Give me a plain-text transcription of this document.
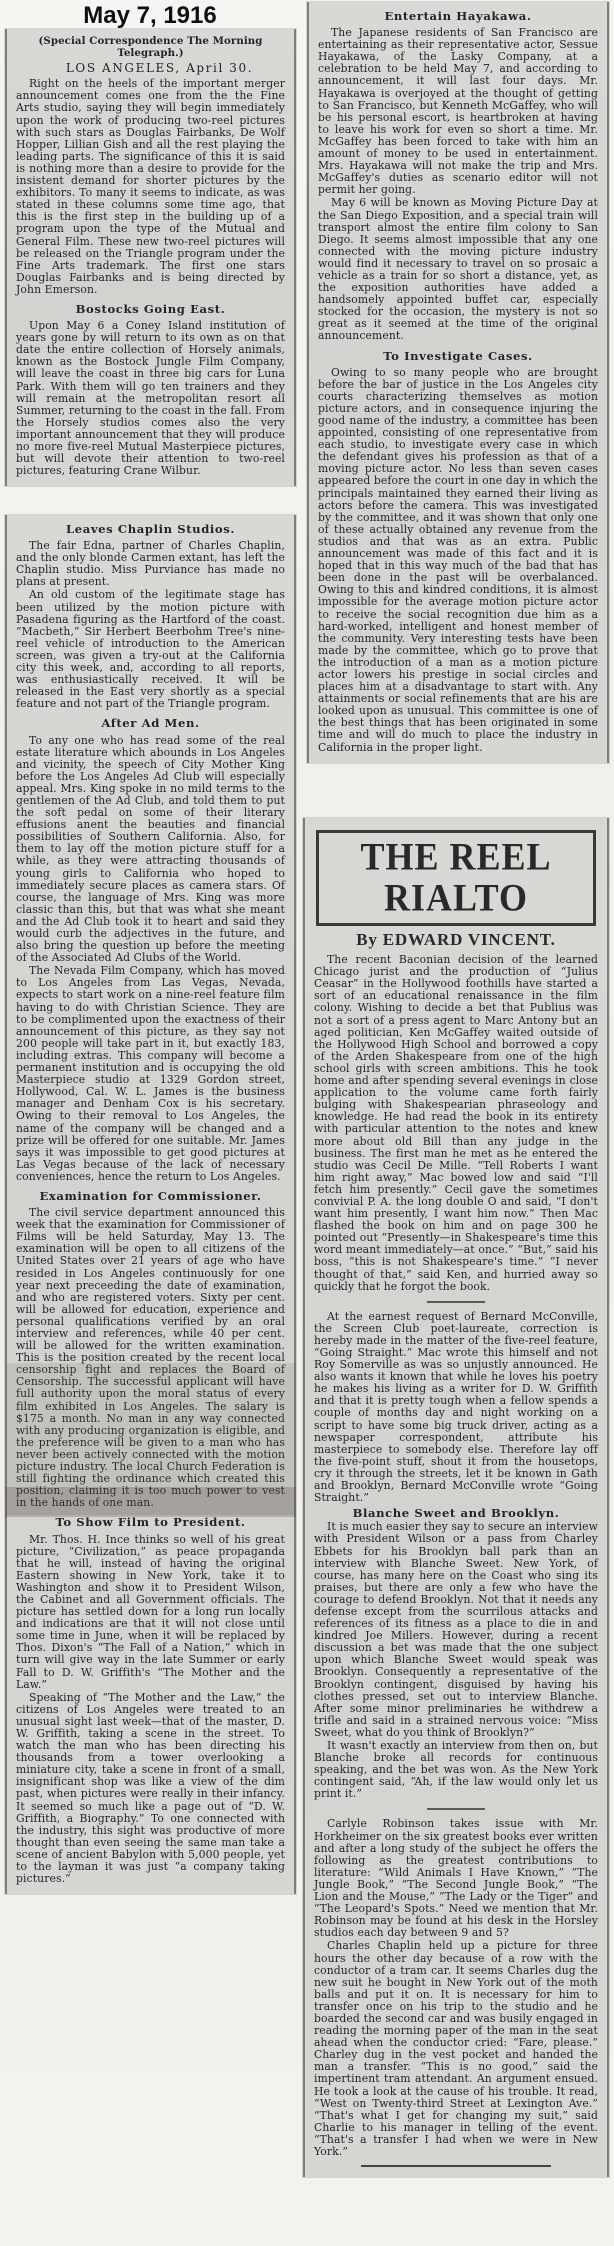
May 7, 1916

(Special Correspondence The Morning Telegraph.)

LOS ANGELES, April 30.

Right on the heels of the important merger announcement comes one from the the Fine Arts studio, saying they will begin immediately upon the work of producing two-reel pictures with such stars as Douglas Fairbanks, De Wolf Hopper, Lillian Gish and all the rest playing the leading parts. The significance of this it is said is nothing more than a desire to provide for the insistent demand for shorter pictures by the exhibitors. To many it seems to indicate, as was stated in these columns some time ago, that this is the first step in the building up of a program upon the type of the Mutual and General Film. These new two-reel pictures will be released on the Triangle program under the Fine Arts trademark. The first one stars Douglas Fairbanks and is being directed by John Emerson.

Bostocks Going East.

Upon May 6 a Coney Island institution of years gone by will return to its own as on that date the entire collection of Horsely animals, known as the Bostock Jungle Film Company, will leave the coast in three big cars for Luna Park. With them will go ten trainers and they will remain at the metropolitan resort all Summer, returning to the coast in the fall. From the Horsely studios comes also the very important announcement that they will produce no more five-reel Mutual Masterpiece pictures, but will devote their attention to two-reel pictures, featuring Crane Wilbur.

Leaves Chaplin Studios.

The fair Edna, partner of Charles Chaplin, and the only blonde Carmen extant, has left the Chaplin studio. Miss Purviance has made no plans at present.

An old custom of the legitimate stage has been utilized by the motion picture with Pasadena figuring as the Hartford of the coast. “Macbeth,” Sir Herbert Beerbohm Tree's nine-reel vehicle of introduction to the American screen, was given a try-out at the California city this week, and, according to all reports, was enthusiastically received. It will be released in the East very shortly as a special feature and not part of the Triangle program.

After Ad Men.

To any one who has read some of the real estate literature which abounds in Los Angeles and vicinity, the speech of City Mother King before the Los Angeles Ad Club will especially appeal. Mrs. King spoke in no mild terms to the gentlemen of the Ad Club, and told them to put the soft pedal on some of their literary effusions anent the beauties and financial possibilities of Southern California. Also, for them to lay off the motion picture stuff for a while, as they were attracting thousands of young girls to California who hoped to immediately secure places as camera stars. Of course, the language of Mrs. King was more classic than this, but that was what she meant and the Ad Club took it to heart and said they would curb the adjectives in the future, and also bring the question up before the meeting of the Associated Ad Clubs of the World.

The Nevada Film Company, which has moved to Los Angeles from Las Vegas, Nevada, expects to start work on a nine-reel feature film having to do with Christian Science. They are to be complimented upon the exactness of their announcement of this picture, as they say not 200 people will take part in it, but exactly 183, including extras. This company will become a permanent institution and is occupying the old Masterpiece studio at 1329 Gordon street, Hollywood, Cal. W. L. James is the business manager and Denham Cox is his secretary. Owing to their removal to Los Angeles, the name of the company will be changed and a prize will be offered for one suitable. Mr. James says it was impossible to get good pictures at Las Vegas because of the lack of necessary conveniences, hence the return to Los Angeles.

Examination for Commissioner.

The civil service department announced this week that the examination for Commissioner of Films will be held Saturday, May 13. The examination will be open to all citizens of the United States over 21 years of age who have resided in Los Angeles continuously for one year next preceeding the date of examination, and who are registered voters. Sixty per cent. will be allowed for education, experience and personal qualifications verified by an oral interview and references, while 40 per cent. will be allowed for the written examination. This is the position created by the recent local censorship fight and replaces the Board of Censorship. The successful applicant will have full authority upon the moral status of every film exhibited in Los Angeles. The salary is $175 a month. No man in any way connected with any producing organization is eligible, and the preference will be given to a man who has never been actively connected with the motion picture industry. The local Church Federation is still fighting the ordinance which created this position, claiming it is too much power to vest in the hands of one man.

To Show Film to President.

Mr. Thos. H. Ince thinks so well of his great picture, “Civilization,” as peace propaganda that he will, instead of having the original Eastern showing in New York, take it to Washington and show it to President Wilson, the Cabinet and all Government officials. The picture has settled down for a long run locally and indications are that it will not close until some time in June, when it will be replaced by Thos. Dixon's “The Fall of a Nation,” which in turn will give way in the late Summer or early Fall to D. W. Griffith's “The Mother and the Law.”

Speaking of “The Mother and the Law,” the citizens of Los Angeles were treated to an unusual sight last week—that of the master, D. W. Griffith, taking a scene in the street. To watch the man who has been directing his thousands from a tower overlooking a miniature city, take a scene in front of a small, insignificant shop was like a view of the dim past, when pictures were really in their infancy. It seemed so much like a page out of “D. W. Griffith, a Biography.” To one connected with the industry, this sight was productive of more thought than even seeing the same man take a scene of ancient Babylon with 5,000 people, yet to the layman it was just “a company taking pictures.”

Entertain Hayakawa.

The Japanese residents of San Francisco are entertaining as their representative actor, Sessue Hayakawa, of the Lasky Company, at a celebration to be held May 7, and according to announcement, it will last four days. Mr. Hayakawa is overjoyed at the thought of getting to San Francisco, but Kenneth McGaffey, who will be his personal escort, is heartbroken at having to leave his work for even so short a time. Mr. McGaffey has been forced to take with him an amount of money to be used in entertainment. Mrs. Hayakawa will not make the trip and Mrs. McGaffey's duties as scenario editor will not permit her going.

May 6 will be known as Moving Picture Day at the San Diego Exposition, and a special train will transport almost the entire film colony to San Diego. It seems almost impossible that any one connected with the moving picture industry would find it necessary to travel on so prosaic a vehicle as a train for so short a distance, yet, as the exposition authorities have added a handsomely appointed buffet car, especially stocked for the occasion, the mystery is not so great as it seemed at the time of the original announcement.

To Investigate Cases.

Owing to so many people who are brought before the bar of justice in the Los Angeles city courts characterizing themselves as motion picture actors, and in consequence injuring the good name of the industry, a committee has been appointed, consisting of one representative from each studio, to investigate every case in which the defendant gives his profession as that of a moving picture actor. No less than seven cases appeared before the court in one day in which the principals maintained they earned their living as actors before the camera. This was investigated by the committee, and it was shown that only one of these actually obtained any revenue from the studios and that was as an extra. Public announcement was made of this fact and it is hoped that in this way much of the bad that has been done in the past will be overbalanced. Owing to this and kindred conditions, it is almost impossible for the average motion picture actor to receive the social recognition due him as a hard-worked, intelligent and honest member of the community. Very interesting tests have been made by the committee, which go to prove that the introduction of a man as a motion picture actor lowers his prestige in social circles and places him at a disadvantage to start with. Any attainments or social refinements that are his are looked upon as unusual. This committee is one of the best things that has been originated in some time and will do much to place the industry in California in the proper light.

THE REEL RIALTO
By EDWARD VINCENT.

The recent Baconian decision of the learned Chicago jurist and the production of “Julius Ceasar” in the Hollywood foothills have started a sort of an educational renaissance in the film colony. Wishing to decide a bet that Publius was not a sort of a press agent to Marc Antony but an aged politician, Ken McGaffey waited outside of the Hollywood High School and borrowed a copy of the Arden Shakespeare from one of the high school girls with screen ambitions. This he took home and after spending several evenings in close application to the volume came forth fairly bulging with Shakespearian phraseology and knowledge. He had read the book in its entirety with particular attention to the notes and knew more about old Bill than any judge in the business. The first man he met as he entered the studio was Cecil De Mille. “Tell Roberts I want him right away,” Mac bowed low and said “I'll fetch him presently.” Cecil gave the sometimes convivial P. A. the long double O and said, “I don't want him presently, I want him now.” Then Mac flashed the book on him and on page 300 he pointed out “Presently—in Shakespeare's time this word meant immediately—at once.” “But,” said his boss, “this is not Shakespeare's time.” “I never thought of that,” said Ken, and hurried away so quickly that he forgot the book.

At the earnest request of Bernard McConville, the Screen Club poet-laureate, correction is hereby made in the matter of the five-reel feature, “Going Straight.” Mac wrote this himself and not Roy Somerville as was so unjustly announced. He also wants it known that while he loves his poetry he makes his living as a writer for D. W. Griffith and that it is pretty tough when a fellow spends a couple of months day and night working on a script to have some big truck driver, acting as a newspaper correspondent, attribute his masterpiece to somebody else. Therefore lay off the five-point stuff, shout it from the housetops, cry it through the streets, let it be known in Gath and Brooklyn, Bernard McConville wrote “Going Straight.”

Blanche Sweet and Brooklyn.

It is much easier they say to secure an interview with President Wilson or a pass from Charley Ebbets for his Brooklyn ball park than an interview with Blanche Sweet. New York, of course, has many here on the Coast who sing its praises, but there are only a few who have the courage to defend Brooklyn. Not that it needs any defense except from the scurrilous attacks and references of its fitness as a place to die in and kindred Joe Millers. However, during a recent discussion a bet was made that the one subject upon which Blanche Sweet would speak was Brooklyn. Consequently a representative of the Brooklyn contingent, disguised by having his clothes pressed, set out to interview Blanche. After some minor preliminaries he withdrew a trifle and said in a strained nervous voice: “Miss Sweet, what do you think of Brooklyn?”

It wasn't exactly an interview from then on, but Blanche broke all records for continuous speaking, and the bet was won. As the New York contingent said, “Ah, if the law would only let us print it.”

Carlyle Robinson takes issue with Mr. Horkheimer on the six greatest books ever written and after a long study of the subject he offers the following as the greatest contributions to literature: “Wild Animals I Have Known,” “The Jungle Book,” “The Second Jungle Book,” “The Lion and the Mouse,” “The Lady or the Tiger” and “The Leopard's Spots.” Need we mention that Mr. Robinson may be found at his desk in the Horsley studios each day between 9 and 5?

Charles Chaplin held up a picture for three hours the other day because of a row with the conductor of a tram car. It seems Charles dug the new suit he bought in New York out of the moth balls and put it on. It is necessary for him to transfer once on his trip to the studio and he boarded the second car and was busily engaged in reading the morning paper of the man in the seat ahead when the conductor cried: “Fare, please.” Charley dug in the vest pocket and handed the man a transfer. “This is no good,” said the impertinent tram attendant. An argument ensued. He took a look at the cause of his trouble. It read, “West on Twenty-third Street at Lexington Ave.” “That's what I get for changing my suit,” said Charlie to his manager in telling of the event. “That's a transfer I had when we were in New York.”
